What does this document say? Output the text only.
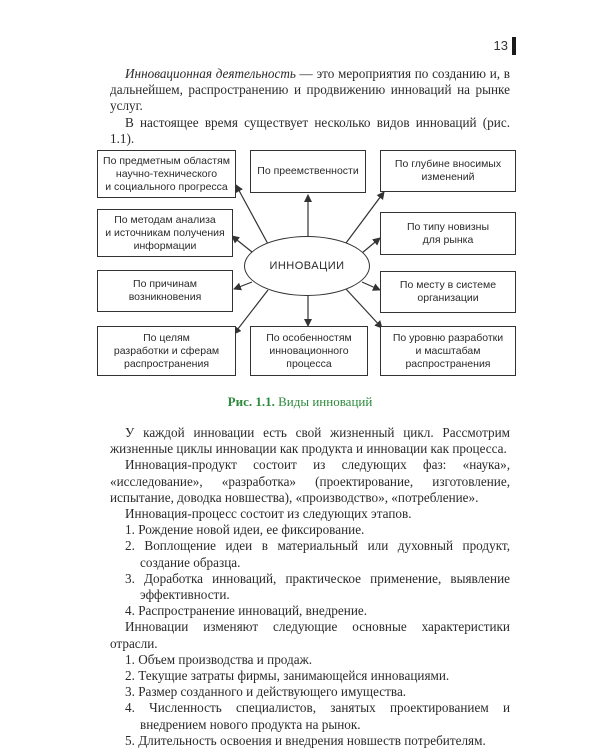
13

Инновационная деятельность — это мероприятия по созданию и, в дальнейшем, распространению и продвижению инноваций на рынке услуг.

В настоящее время существует несколько видов инноваций (рис. 1.1).

По предметным областям
научно-технического
и социального прогресса
По преемственности
По глубине вносимых
изменений
По методам анализа
и источникам получения
информации
По типу новизны
для рынка
По причинам
возникновения
По месту в системе
организации
По целям
разработки и сферам
распространения
По особенностям
инновационного
процесса
По уровню разработки
и масштабам
распространения
ИННОВАЦИИ
Рис. 1.1. Виды инноваций

У каждой инновации есть свой жизненный цикл. Рассмотрим жизненные циклы инновации как продукта и инновации как процесса.

Инновация-продукт состоит из следующих фаз: «наука», «исследование», «разработка» (проектирование, изготовление, испытание, доводка новшества), «производство», «потребление».

Инновация-процесс состоит из следующих этапов.

1. Рождение новой идеи, ее фиксирование.

2. Воплощение идеи в материальный или духовный продукт, создание образца.

3. Доработка инноваций, практическое применение, выявление эффективности.

4. Распространение инноваций, внедрение.

Инновации изменяют следующие основные характеристики отрасли.

1. Объем производства и продаж.

2. Текущие затраты фирмы, занимающейся инновациями.

3. Размер созданного и действующего имущества.

4. Численность специалистов, занятых проектированием и внедрением нового продукта на рынок.

5. Длительность освоения и внедрения новшеств потребителям.
